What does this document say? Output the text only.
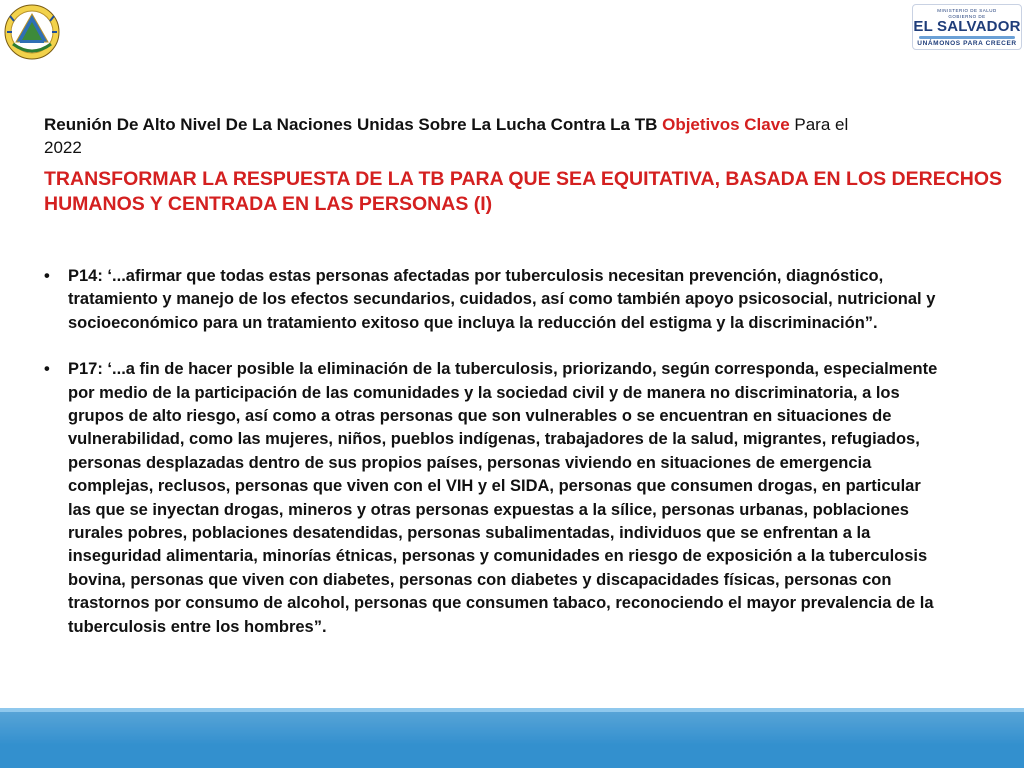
MINISTERIO DE SALUD
GOBIERNO DE
EL SALVADOR
UNÁMONOS PARA CRECER
Reunión De Alto Nivel De La Naciones Unidas Sobre La Lucha Contra La TB Objetivos Clave Para el 2022
TRANSFORMAR LA RESPUESTA DE LA TB PARA QUE SEA EQUITATIVA, BASADA EN LOS DERECHOS HUMANOS Y CENTRADA EN LAS PERSONAS (I)
• P14: ‘...afirmar que todas estas personas afectadas por tuberculosis necesitan prevención, diagnóstico, tratamiento y manejo de los efectos secundarios, cuidados, así como también apoyo psicosocial, nutricional y socioeconómico para un tratamiento exitoso que incluya la reducción del estigma y la discriminación”.
• P17: ‘...a fin de hacer posible la eliminación de la tuberculosis, priorizando, según corresponda, especialmente por medio de la participación de las comunidades y la sociedad civil y de manera no discriminatoria, a los grupos de alto riesgo, así como a otras personas que son vulnerables o se encuentran en situaciones de vulnerabilidad, como las mujeres, niños, pueblos indígenas, trabajadores de la salud, migrantes, refugiados, personas desplazadas dentro de sus propios países, personas viviendo en situaciones de emergencia complejas, reclusos, personas que viven con el VIH y el SIDA, personas que consumen drogas, en particular las que se inyectan drogas, mineros y otras personas expuestas a la sílice, personas urbanas, poblaciones rurales pobres, poblaciones desatendidas, personas subalimentadas, individuos que se enfrentan a la inseguridad alimentaria, minorías étnicas, personas y comunidades en riesgo de exposición a la tuberculosis bovina, personas que viven con diabetes, personas con diabetes y discapacidades físicas, personas con trastornos por consumo de alcohol, personas que consumen tabaco, reconociendo el mayor prevalencia de la tuberculosis entre los hombres”.
